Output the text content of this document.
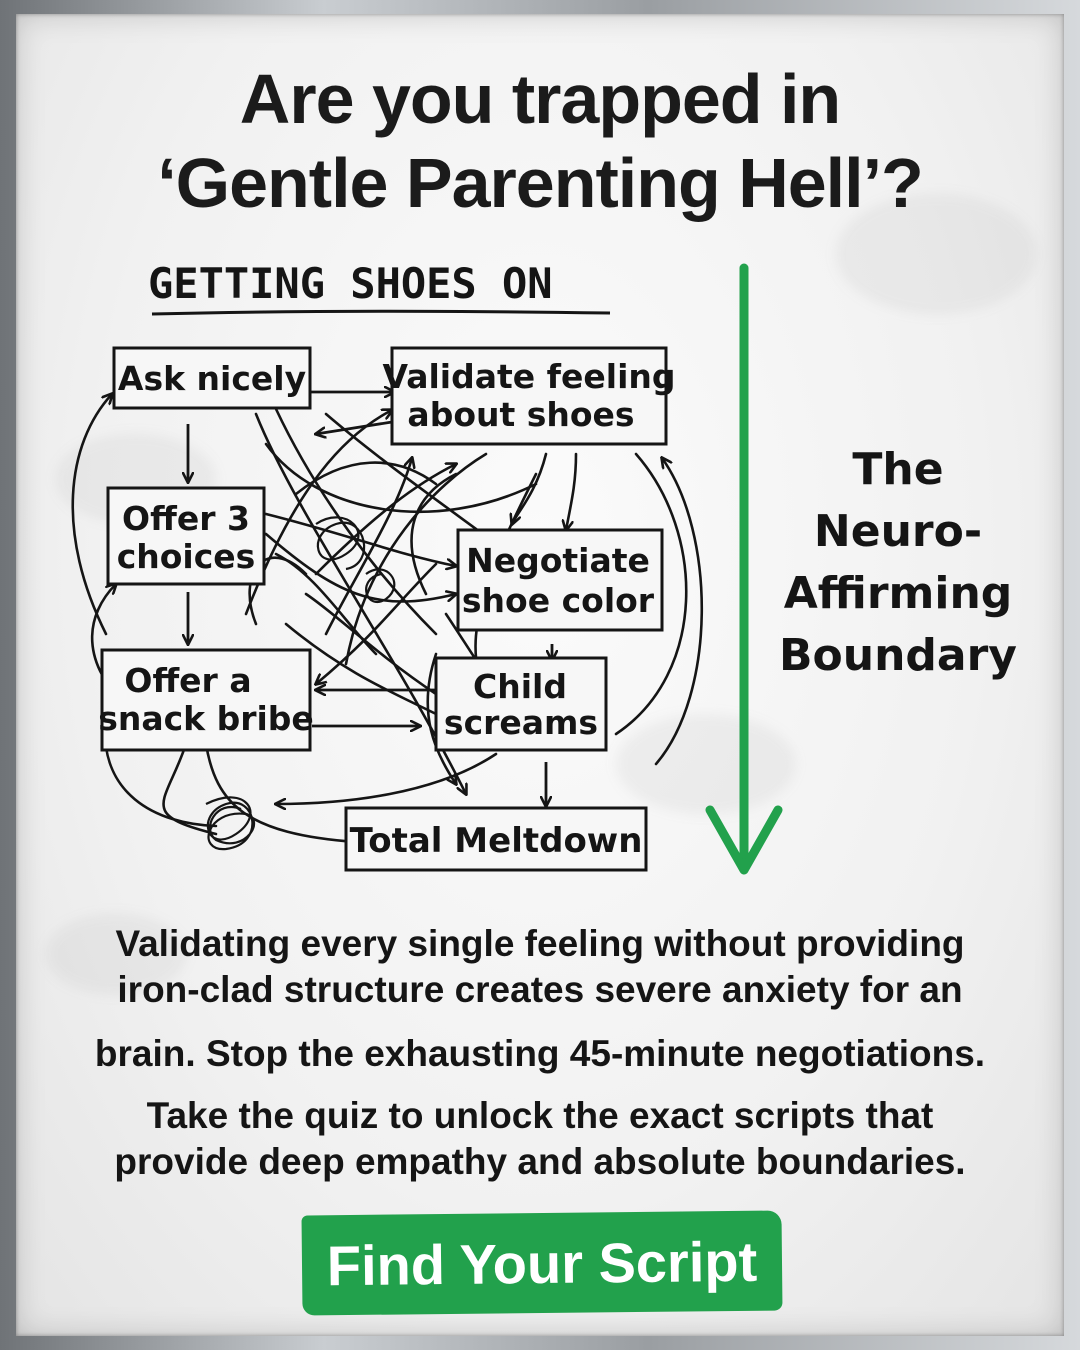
Are you trapped in
‘Gentle Parenting Hell’?
GETTING SHOES ON
Ask nicely Validate feeling
about shoes
Offer 3
choices	Negotiate
shoe color
Offer a
snack bribe
Child
screams
Total Meltdown
The
Neuro-
Affirming
Boundary
Validating every single feeling without providing
iron-clad structure creates severe anxiety for an
brain. Stop the exhausting 45-minute negotiations.
Take the quiz to unlock the exact scripts that
provide deep empathy and absolute boundaries.
Find Your Script
